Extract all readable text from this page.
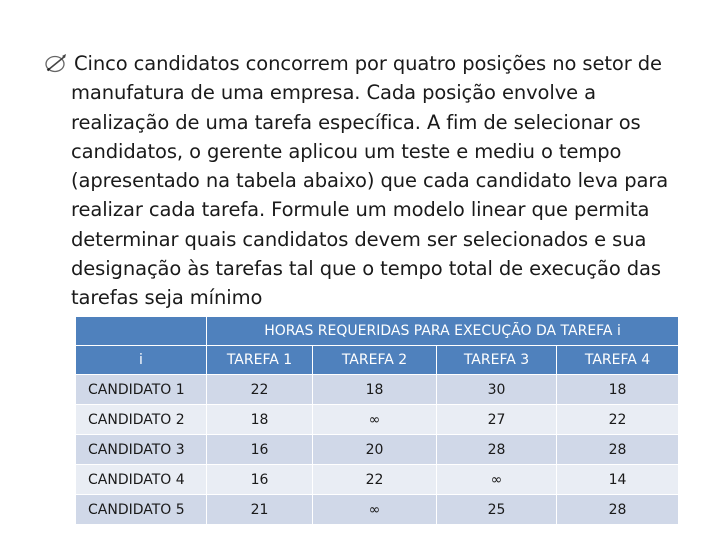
Cinco candidatos concorrem por quatro posições no setor de
manufatura de uma empresa. Cada posição envolve a
realização de uma tarefa específica. A fim de selecionar os
candidatos, o gerente aplicou um teste e mediu o tempo
(apresentado na tabela abaixo) que cada candidato leva para
realizar cada tarefa. Formule um modelo linear que permita
determinar quais candidatos devem ser selecionados e sua
designação às tarefas tal que o tempo total de execução das
tarefas seja mínimo
	HORAS REQUERIDAS PARA EXECUÇÃO DA TAREFA i			
i	TAREFA 1	TAREFA 2	TAREFA 3	TAREFA 4
CANDIDATO 1	22	18	30	18
CANDIDATO 2	18	∞	27	22
CANDIDATO 3	16	20	28	28
CANDIDATO 4	16	22	∞	14
CANDIDATO 5	21	∞	25	28
